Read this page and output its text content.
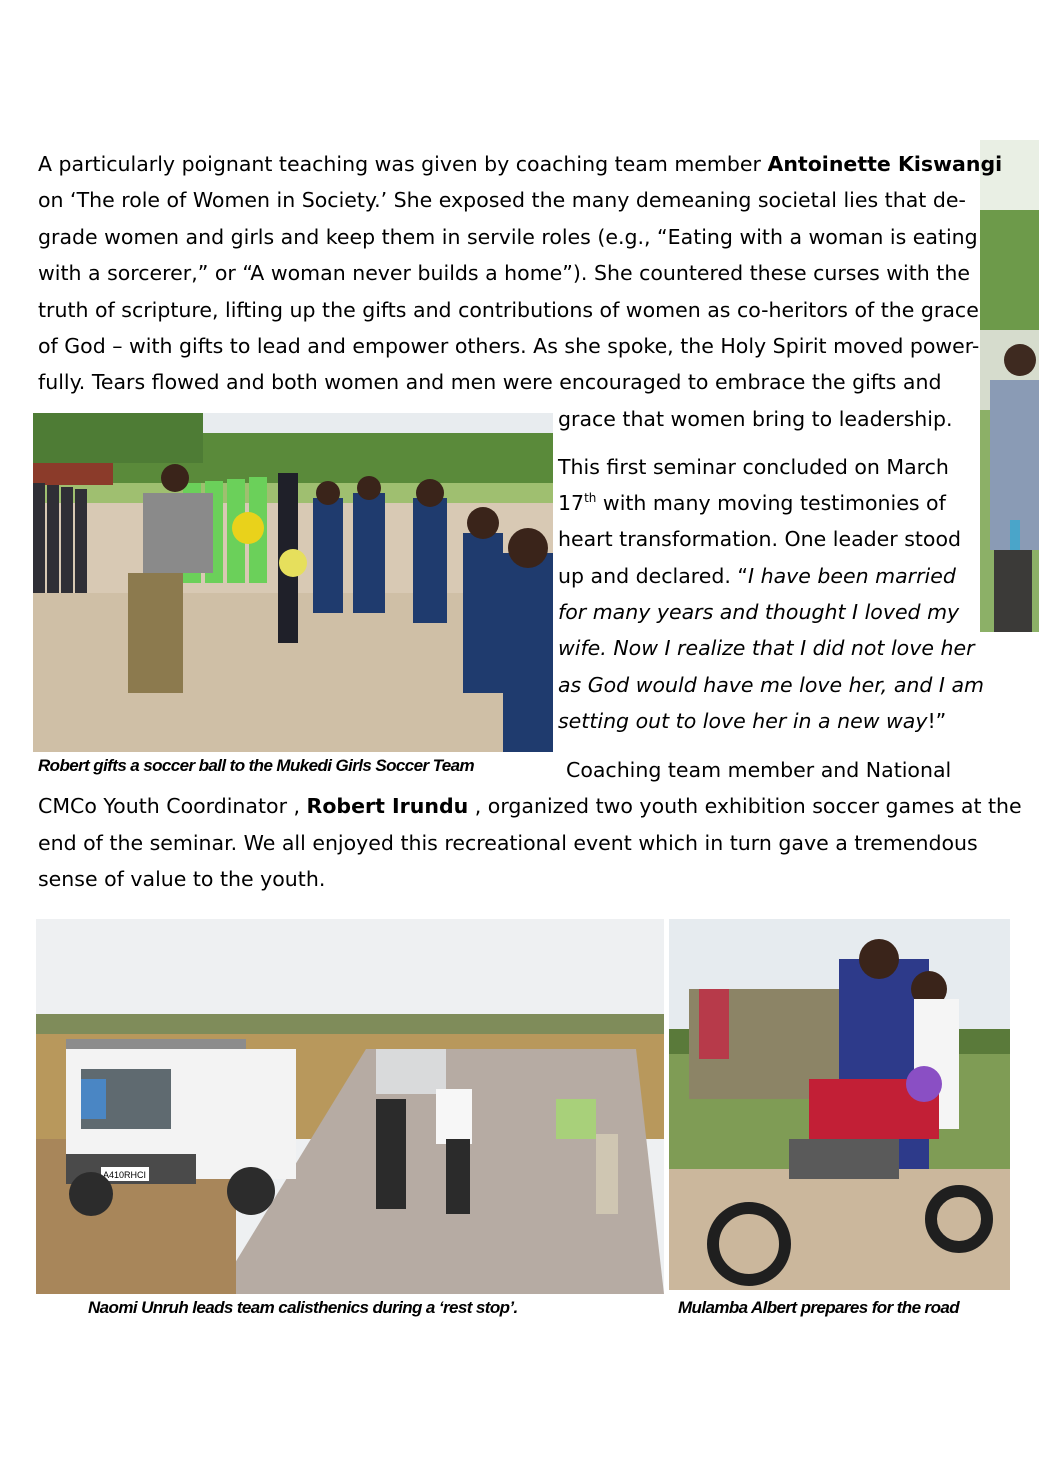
A particularly poignant teaching was given by coaching team member Antoinette Kiswangi

on ‘The role of Women in Society.’ She exposed the many demeaning societal lies that de-

grade women and girls and keep them in servile roles (e.g., “Eating with a woman is eating

with a sorcerer,” or “A woman never builds a home”). She countered these curses with the

truth of scripture, lifting up the gifts and contributions of women as co-heritors of the grace

of God – with gifts to lead and empower others. As she spoke, the Holy Spirit moved power-

fully. Tears flowed and both women and men were encouraged to embrace the gifts and

grace that women bring to leadership.

This first seminar concluded on March

17th with many moving testimonies of

heart transformation. One leader stood

up and declared. “I have been married

for many years and thought I loved my

wife. Now I realize that I did not love her

as God would have me love her, and I am

setting out to love her in a new way!”

Robert gifts a soccer ball to the Mukedi Girls Soccer Team	Coaching team member and National

CMCo Youth Coordinator , Robert Irundu , organized two youth exhibition soccer games at the

end of the seminar. We all enjoyed this recreational event which in turn gave a tremendous

sense of value to the youth.

A410RHCI

Naomi Unruh leads team calisthenics during a ‘rest stop’.	Mulamba Albert prepares for the road
